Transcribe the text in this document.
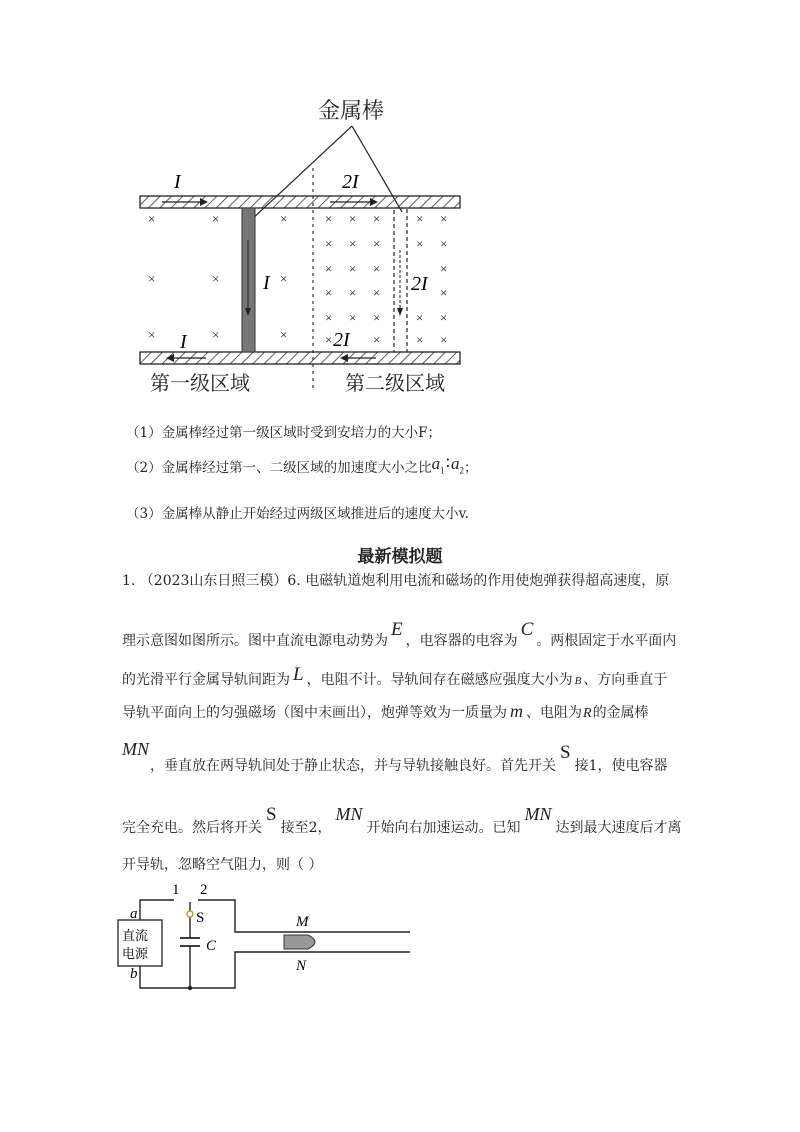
金属棒
I	2I
I	2I
I	2I
×	×	×
×	×	×
×	×	×
× × ×	× ×
× × ×	× ×
× × ×	×
× × ×	×
× × ×	× ×
×	×	× ×
第一级区域	第二级区域
（1）金属棒经过第一级区域时受到安培力的大小F；
（2）金属棒经过第一、二级区域的加速度大小之比$a_1∶a_2$；
（3）金属棒从静止开始经过两级区域推进后的速度大小v.
最新模拟题
1. （2023山东日照三模）6. 电磁轨道炮利用电流和磁场的作用使炮弹获得超高速度，原
理示意图如图所示。图中直流电源电动势为E，电容器的电容为C。两根固定于水平面内
的光滑平行金属导轨间距为 L ，电阻不计。导轨间存在磁感应强度大小为 B 、方向垂直于
导轨平面向上的匀强磁场（图中末画出），炮弹等效为一质量为 m 、电阻为R的金属棒
MN
，垂直放在两导轨间处于静止状态，并与导轨接触良好。首先开关S接1，使电容器
完全充电。然后将开关S接至2，MN开始向右加速运动。已知MN达到最大速度后才离
开导轨，忽略空气阻力，则（ ）
直流
电源
1 2
a
b
S
C
M
N
